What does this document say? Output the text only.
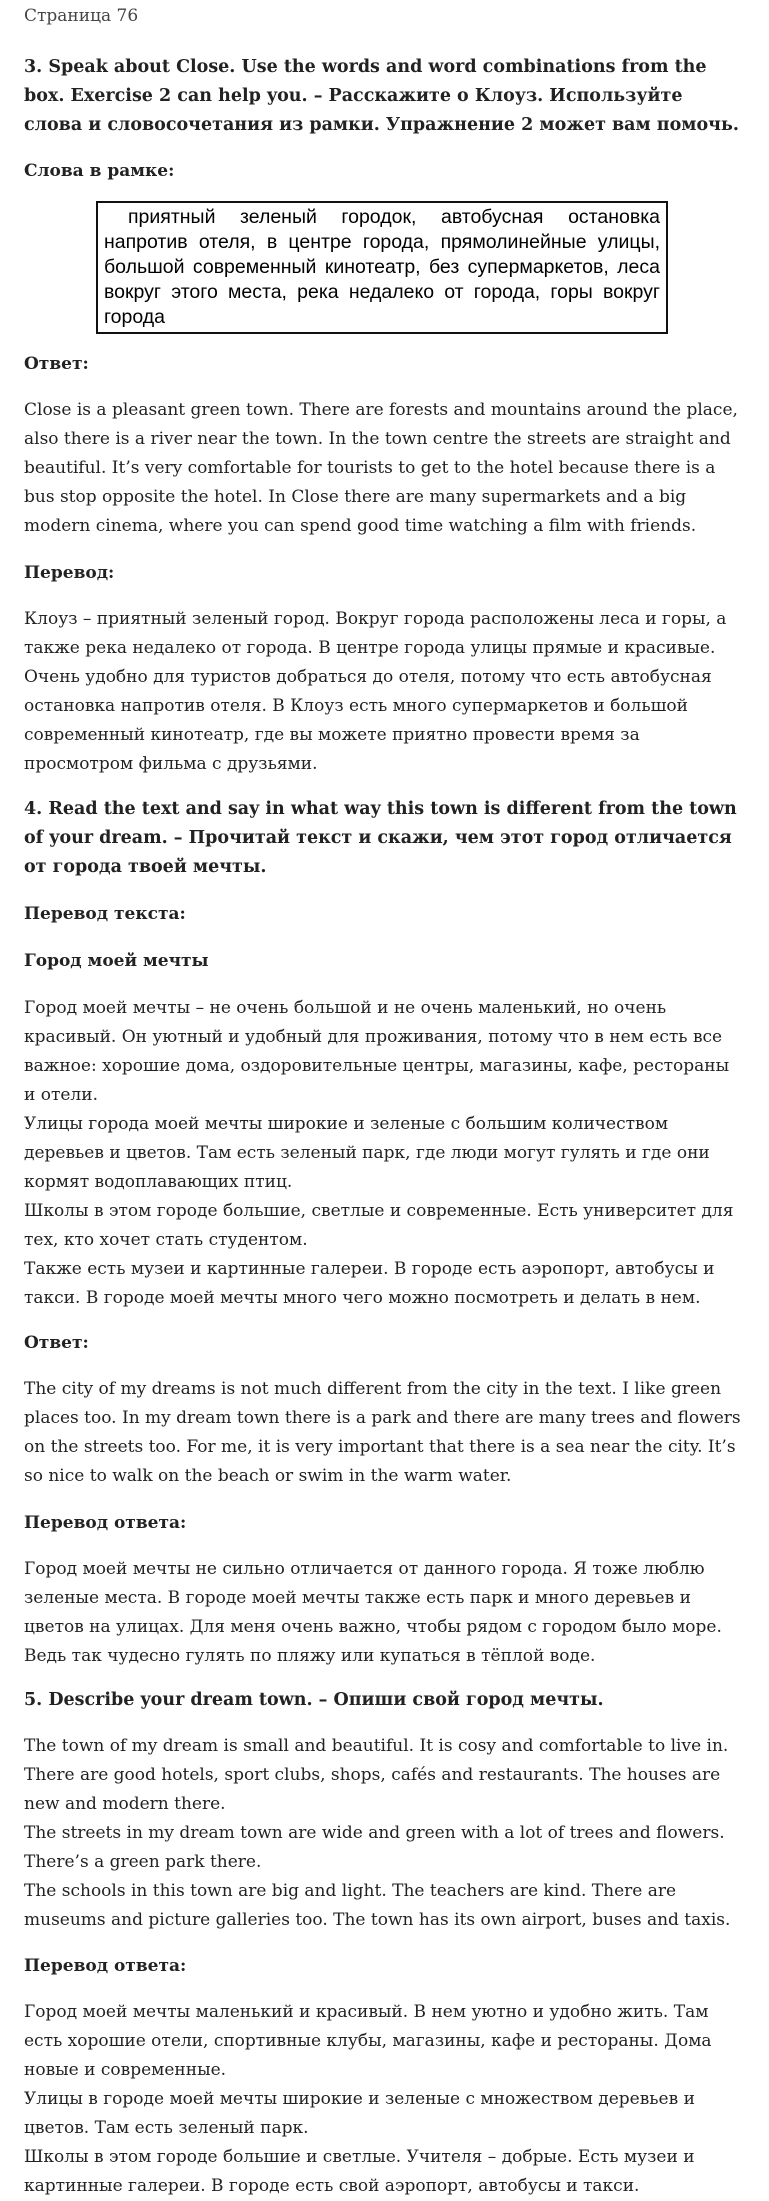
Страница 76

3. Speak about Close. Use the words and word combinations from the box. Exercise 2 can help you. – Расскажите о Клоуз. Используйте слова и словосочетания из рамки. Упражнение 2 может вам помочь.

Слова в рамке:

приятный зеленый городок, автобусная остановка напротив отеля, в центре города, прямолинейные улицы, большой современный кинотеатр, без супермаркетов, леса вокруг этого места, река недалеко от города, горы вокруг города

Ответ:

Close is a pleasant green town. There are forests and mountains around the place, also there is a river near the town. In the town centre the streets are straight and beautiful. It’s very comfortable for tourists to get to the hotel because there is a bus stop opposite the hotel. In Close there are many supermarkets and a big modern cinema, where you can spend good time watching a film with friends.

Перевод:

Клоуз – приятный зеленый город. Вокруг города расположены леса и горы, а также река недалеко от города. В центре города улицы прямые и красивые. Очень удобно для туристов добраться до отеля, потому что есть автобусная остановка напротив отеля. В Клоуз есть много супермаркетов и большой современный кинотеатр, где вы можете приятно провести время за просмотром фильма с друзьями.

4. Read the text and say in what way this town is different from the town of your dream. – Прочитай текст и скажи, чем этот город отличается от города твоей мечты.

Перевод текста:

Город моей мечты

Город моей мечты – не очень большой и не очень маленький, но очень красивый. Он уютный и удобный для проживания, потому что в нем есть все важное: хорошие дома, оздоровительные центры, магазины, кафе, рестораны и отели.

Улицы города моей мечты широкие и зеленые с большим количеством деревьев и цветов. Там есть зеленый парк, где люди могут гулять и где они кормят водоплавающих птиц.

Школы в этом городе большие, светлые и современные. Есть университет для тех, кто хочет стать студентом.

Также есть музеи и картинные галереи. В городе есть аэропорт, автобусы и такси. В городе моей мечты много чего можно посмотреть и делать в нем.

Ответ:

The city of my dreams is not much different from the city in the text. I like green places too. In my dream town there is a park and there are many trees and flowers on the streets too. For me, it is very important that there is a sea near the city. It’s so nice to walk on the beach or swim in the warm water.

Перевод ответа:

Город моей мечты не сильно отличается от данного города. Я тоже люблю зеленые места. В городе моей мечты также есть парк и много деревьев и цветов на улицах. Для меня очень важно, чтобы рядом с городом было море. Ведь так чудесно гулять по пляжу или купаться в тёплой воде.

5. Describe your dream town. – Опиши свой город мечты.

The town of my dream is small and beautiful. It is cosy and comfortable to live in. There are good hotels, sport clubs, shops, cafés and restaurants. The houses are new and modern there.

The streets in my dream town are wide and green with a lot of trees and flowers. There’s a green park there.

The schools in this town are big and light. The teachers are kind. There are museums and picture galleries too. The town has its own airport, buses and taxis.

Перевод ответа:

Город моей мечты маленький и красивый. В нем уютно и удобно жить. Там есть хорошие отели, спортивные клубы, магазины, кафе и рестораны. Дома новые и современные.

Улицы в городе моей мечты широкие и зеленые с множеством деревьев и цветов. Там есть зеленый парк.

Школы в этом городе большие и светлые. Учителя – добрые. Есть музеи и картинные галереи. В городе есть свой аэропорт, автобусы и такси.
